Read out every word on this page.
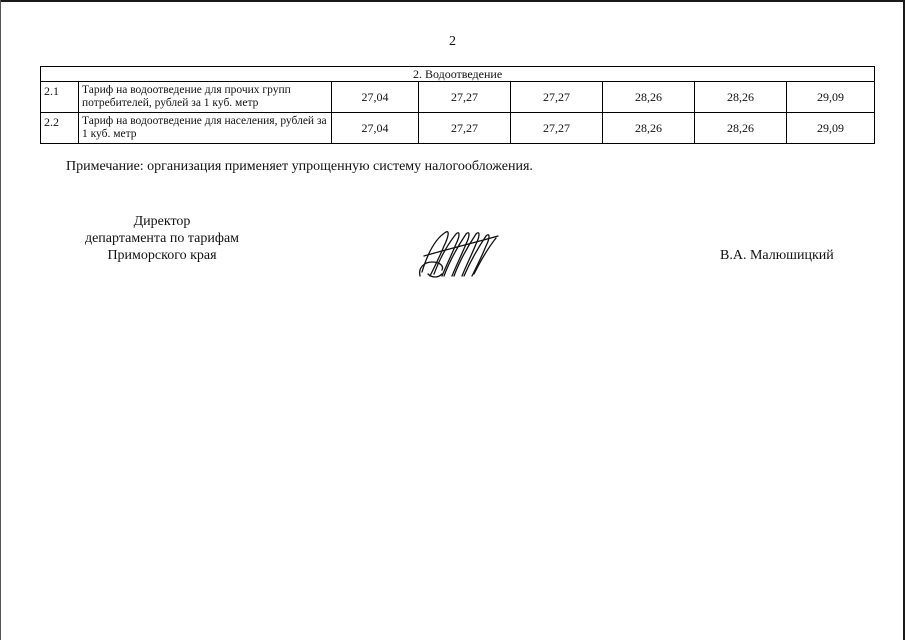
2
2. Водоотведение							
2.1	Тариф на водоотведение для прочих групп потребителей, рублей за 1 куб. метр	27,04	27,27	27,27	28,26	28,26	29,09
2.2	Тариф на водоотведение для населения, рублей за 1 куб. метр	27,04	27,27	27,27	28,26	28,26	29,09
Примечание: организация применяет упрощенную систему налогообложения.
Директор
департамента по тарифам
Приморского края	В.А. Малюшицкий
